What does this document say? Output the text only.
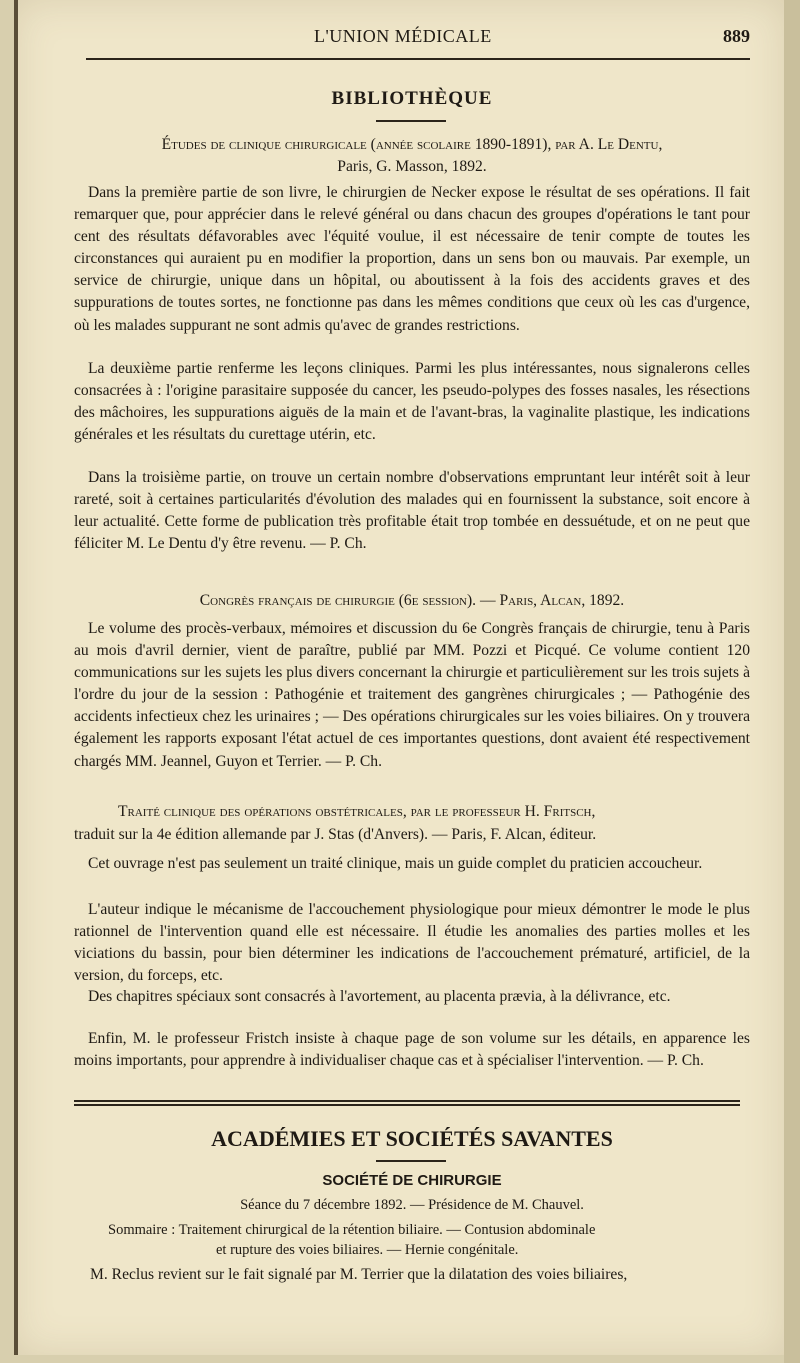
L'UNION MÉDICALE	889
BIBLIOTHÈQUE
Études de clinique chirurgicale (année scolaire 1890-1891), par A. Le Dentu,
Paris, G. Masson, 1892.

Dans la première partie de son livre, le chirurgien de Necker expose le résultat de ses opérations. Il fait remarquer que, pour apprécier dans le relevé général ou dans chacun des groupes d'opérations le tant pour cent des résultats défavorables avec l'équité voulue, il est nécessaire de tenir compte de toutes les circonstances qui auraient pu en modifier la proportion, dans un sens bon ou mauvais. Par exemple, un service de chirurgie, unique dans un hôpital, ou aboutissent à la fois des accidents graves et des suppurations de toutes sortes, ne fonctionne pas dans les mêmes conditions que ceux où les cas d'urgence, où les malades suppurant ne sont admis qu'avec de grandes restrictions.

La deuxième partie renferme les leçons cliniques. Parmi les plus intéressantes, nous signalerons celles consacrées à : l'origine parasitaire supposée du cancer, les pseudo-polypes des fosses nasales, les résections des mâchoires, les suppurations aiguës de la main et de l'avant-bras, la vaginalite plastique, les indications générales et les résultats du curettage utérin, etc.

Dans la troisième partie, on trouve un certain nombre d'observations empruntant leur intérêt soit à leur rareté, soit à certaines particularités d'évolution des malades qui en fournissent la substance, soit encore à leur actualité. Cette forme de publication très profitable était trop tombée en dessuétude, et on ne peut que féliciter M. Le Dentu d'y être revenu. — P. Ch.

Congrès français de chirurgie (6e session). — Paris, Alcan, 1892.

Le volume des procès-verbaux, mémoires et discussion du 6e Congrès français de chirurgie, tenu à Paris au mois d'avril dernier, vient de paraître, publié par MM. Pozzi et Picqué. Ce volume contient 120 communications sur les sujets les plus divers concernant la chirurgie et particulièrement sur les trois sujets à l'ordre du jour de la session : Pathogénie et traitement des gangrènes chirurgicales ; — Pathogénie des accidents infectieux chez les urinaires ; — Des opérations chirurgicales sur les voies biliaires. On y trouvera également les rapports exposant l'état actuel de ces importantes questions, dont avaient été respectivement chargés MM. Jeannel, Guyon et Terrier. — P. Ch.

Traité clinique des opérations obstétricales, par le professeur H. Fritsch,
traduit sur la 4e édition allemande par J. Stas (d'Anvers). — Paris, F. Alcan, éditeur.

Cet ouvrage n'est pas seulement un traité clinique, mais un guide complet du praticien accoucheur.

L'auteur indique le mécanisme de l'accouchement physiologique pour mieux démontrer le mode le plus rationnel de l'intervention quand elle est nécessaire. Il étudie les anomalies des parties molles et les viciations du bassin, pour bien déterminer les indications de l'accouchement prématuré, artificiel, de la version, du forceps, etc.

Des chapitres spéciaux sont consacrés à l'avortement, au placenta prævia, à la délivrance, etc.

Enfin, M. le professeur Fristch insiste à chaque page de son volume sur les détails, en apparence les moins importants, pour apprendre à individualiser chaque cas et à spécialiser l'intervention. — P. Ch.

ACADÉMIES ET SOCIÉTÉS SAVANTES
SOCIÉTÉ DE CHIRURGIE
Séance du 7 décembre 1892. — Présidence de M. Chauvel.
Sommaire : Traitement chirurgical de la rétention biliaire. — Contusion abdominale
et rupture des voies biliaires. — Hernie congénitale.
M. Reclus revient sur le fait signalé par M. Terrier que la dilatation des voies biliaires,
